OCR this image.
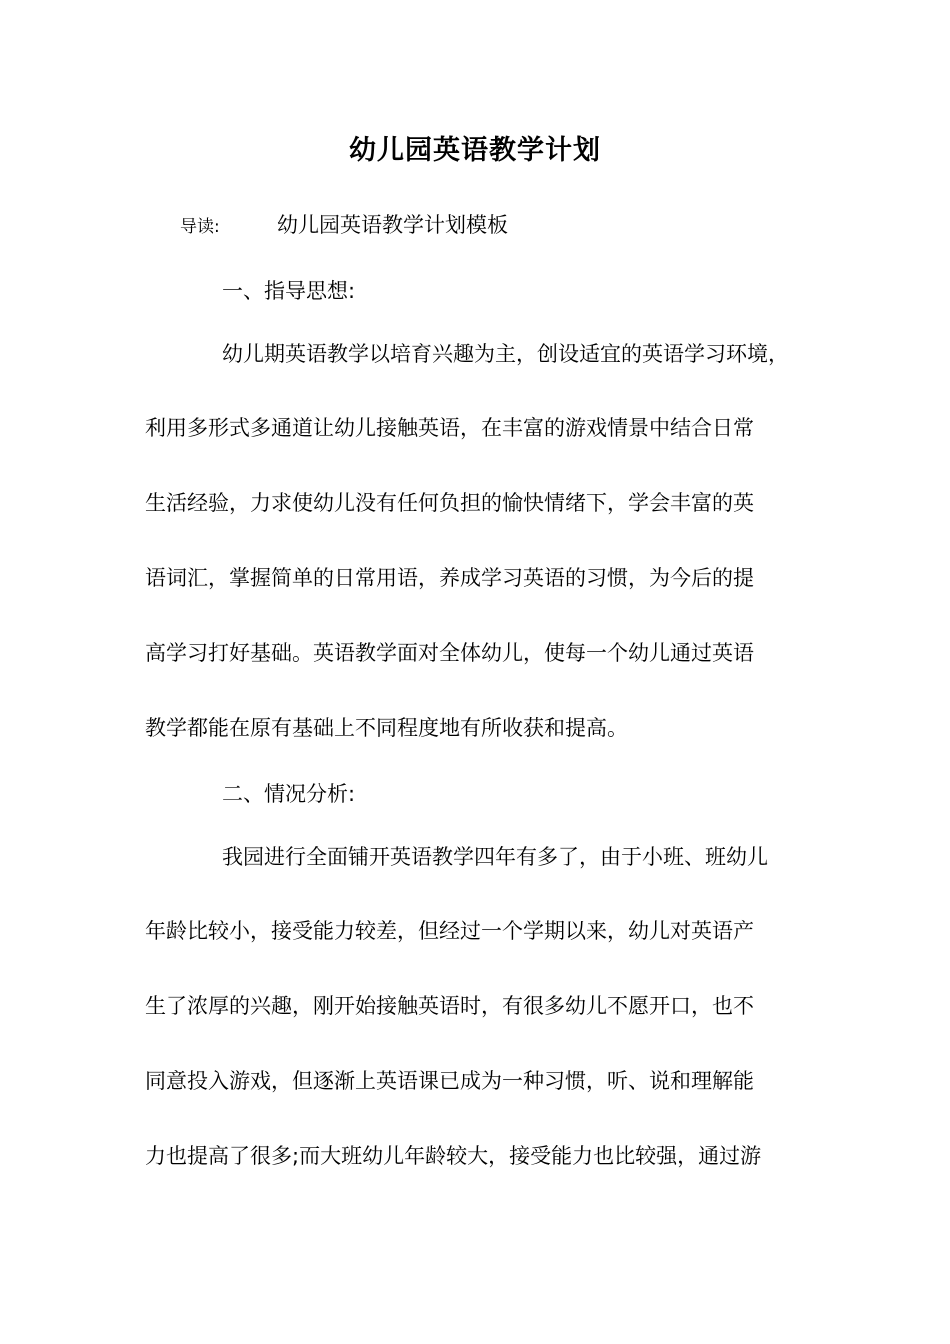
幼儿园英语教学计划
导读:	幼儿园英语教学计划模板
一、指导思想:
幼儿期英语教学以培育兴趣为主，创设适宜的英语学习环境，
利用多形式多通道让幼儿接触英语，在丰富的游戏情景中结合日常
生活经验，力求使幼儿没有任何负担的愉快情绪下，学会丰富的英
语词汇，掌握简单的日常用语，养成学习英语的习惯，为今后的提
高学习打好基础。英语教学面对全体幼儿，使每一个幼儿通过英语
教学都能在原有基础上不同程度地有所收获和提高。
二、情况分析:
我园进行全面铺开英语教学四年有多了，由于小班、班幼儿
年龄比较小，接受能力较差，但经过一个学期以来，幼儿对英语产
生了浓厚的兴趣，刚开始接触英语时，有很多幼儿不愿开口，也不
同意投入游戏，但逐渐上英语课已成为一种习惯，听、说和理解能
力也提高了很多;而大班幼儿年龄较大，接受能力也比较强，通过游
